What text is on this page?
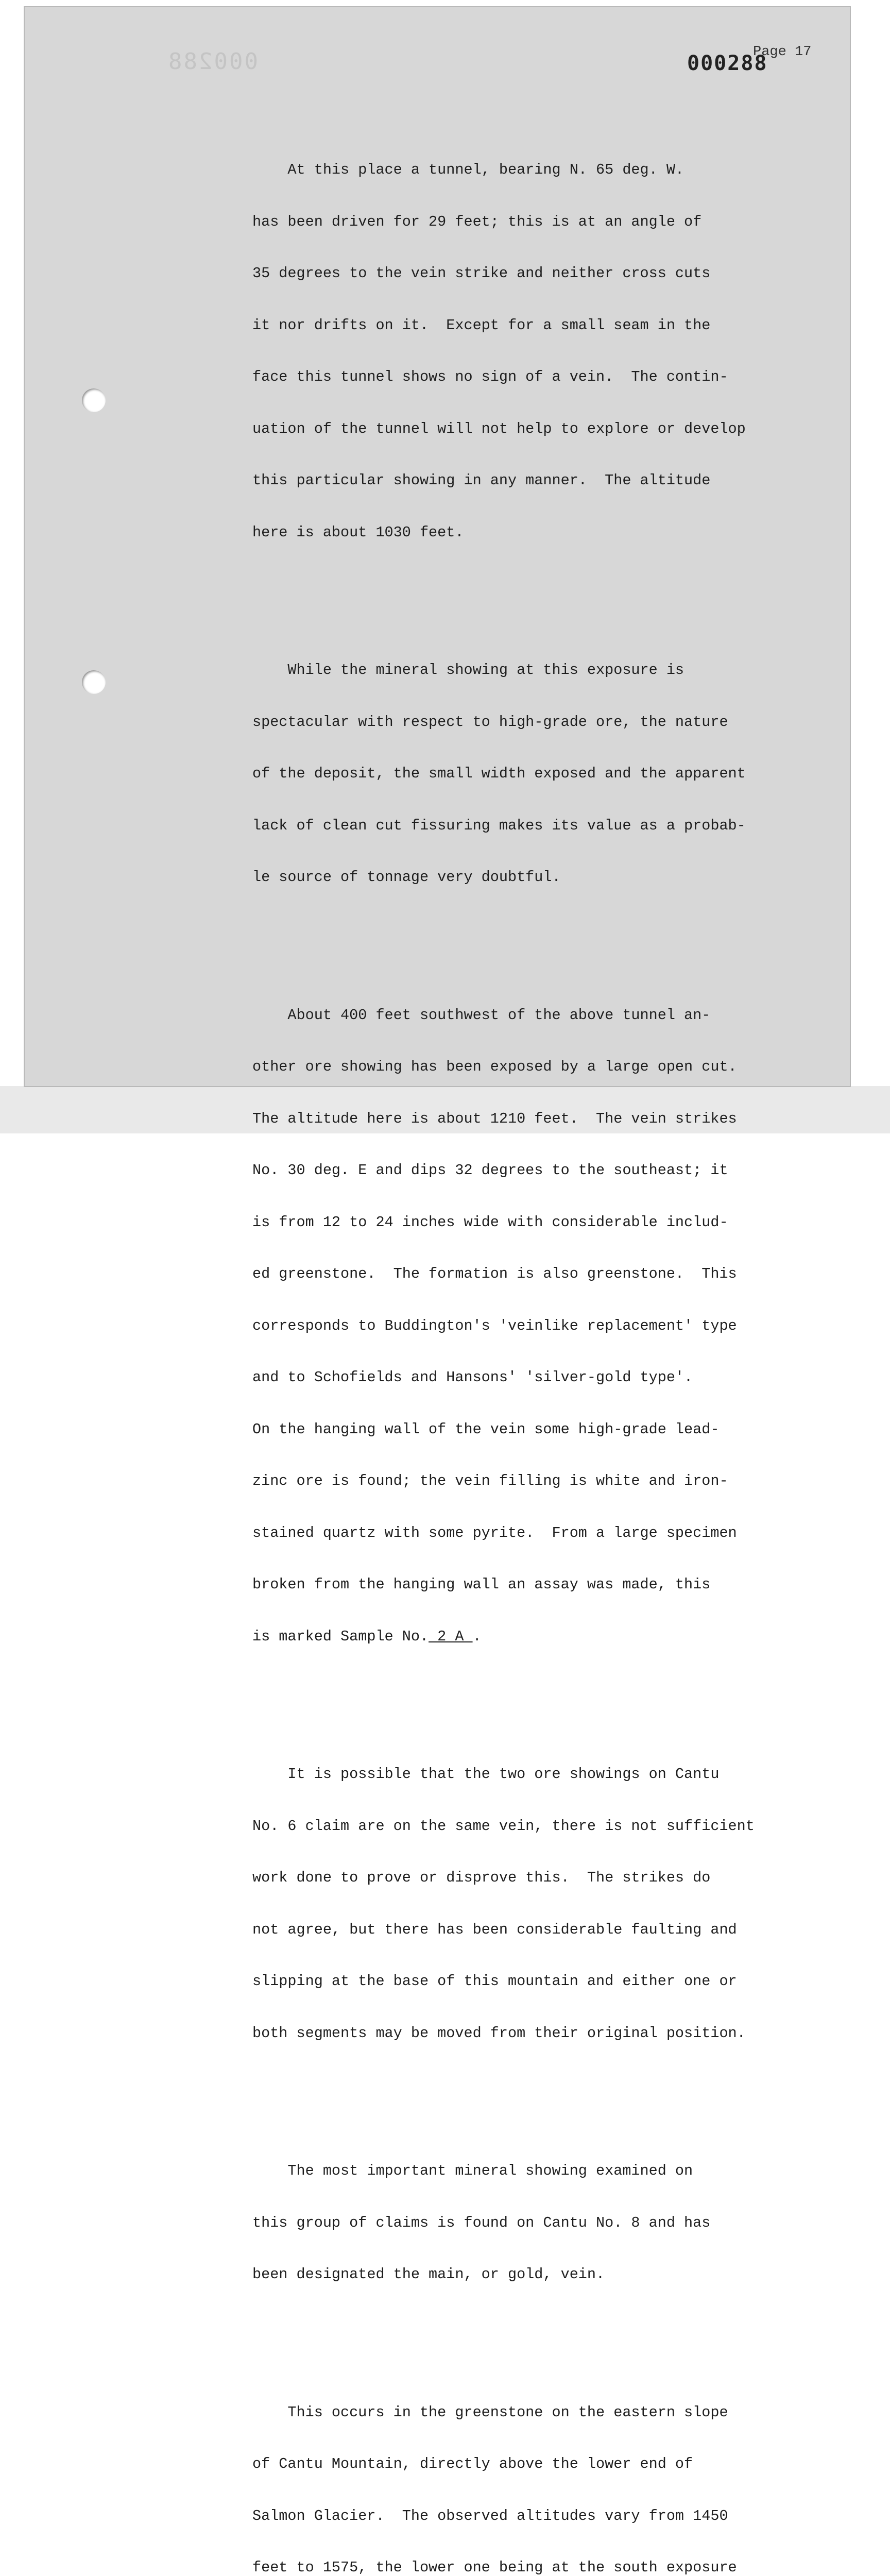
000288	000288
Page 17

At this place a tunnel, bearing N. 65 deg. W.

has been driven for 29 feet; this is at an angle of

35 degrees to the vein strike and neither cross cuts

it nor drifts on it.  Except for a small seam in the

face this tunnel shows no sign of a vein.  The contin-

uation of the tunnel will not help to explore or develop

this particular showing in any manner.  The altitude

here is about 1030 feet.

While the mineral showing at this exposure is

spectacular with respect to high-grade ore, the nature

of the deposit, the small width exposed and the apparent

lack of clean cut fissuring makes its value as a probab-

le source of tonnage very doubtful.

About 400 feet southwest of the above tunnel an-

other ore showing has been exposed by a large open cut.

The altitude here is about 1210 feet.  The vein strikes

No. 30 deg. E and dips 32 degrees to the southeast; it

is from 12 to 24 inches wide with considerable includ-

ed greenstone.  The formation is also greenstone.  This

corresponds to Buddington's 'veinlike replacement' type

and to Schofields and Hansons' 'silver-gold type'.

On the hanging wall of the vein some high-grade lead-

zinc ore is found; the vein filling is white and iron-

stained quartz with some pyrite.  From a large specimen

broken from the hanging wall an assay was made, this

is marked Sample No. 2 A .

It is possible that the two ore showings on Cantu

No. 6 claim are on the same vein, there is not sufficient

work done to prove or disprove this.  The strikes do

not agree, but there has been considerable faulting and

slipping at the base of this mountain and either one or

both segments may be moved from their original position.

The most important mineral showing examined on

this group of claims is found on Cantu No. 8 and has

been designated the main, or gold, vein.

This occurs in the greenstone on the eastern slope

of Cantu Mountain, directly above the lower end of

Salmon Glacier.  The observed altitudes vary from 1450

feet to 1575, the lower one being at the south exposure
